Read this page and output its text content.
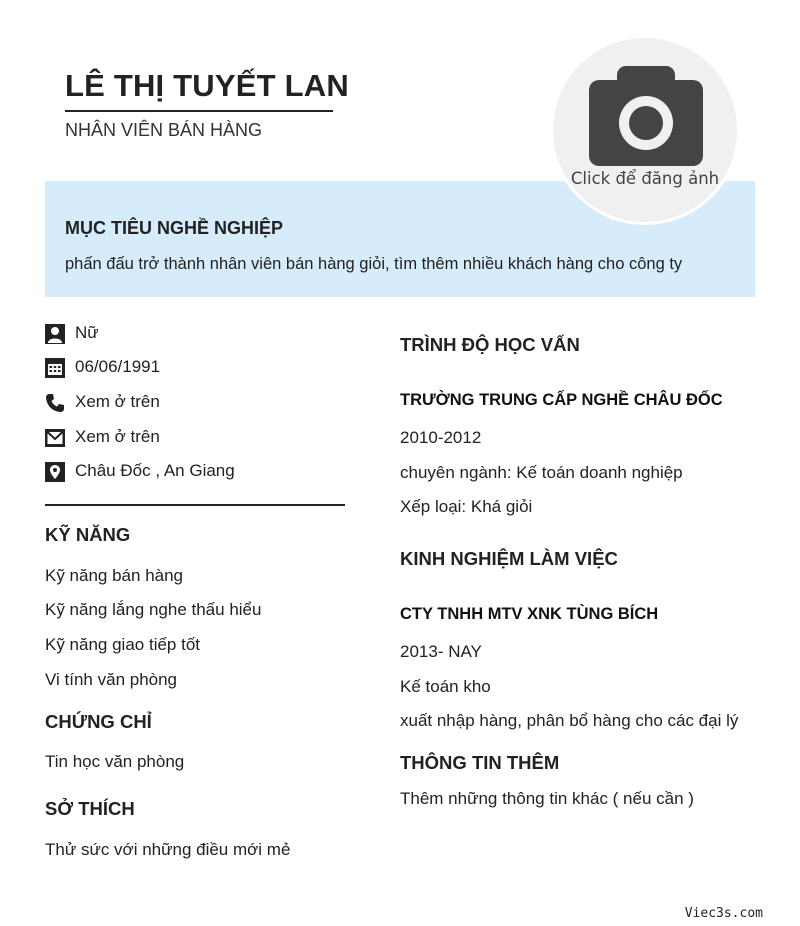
LÊ THỊ TUYẾT LAN
NHÂN VIÊN BÁN HÀNG
MỤC TIÊU NGHỀ NGHIỆP
phấn đấu trở thành nhân viên bán hàng giỏi, tìm thêm nhiều khách hàng cho công ty
Click để đăng ảnh
Nữ
06/06/1991
Xem ở trên
Xem ở trên
Châu Đốc , An Giang
KỸ NĂNG
Kỹ năng bán hàng
Kỹ năng lắng nghe thấu hiểu
Kỹ năng giao tiếp tốt
Vi tính văn phòng
CHỨNG CHỈ
Tin học văn phòng
SỞ THÍCH
Thử sức với những điều mới mẻ
TRÌNH ĐỘ HỌC VẤN
TRƯỜNG TRUNG CẤP NGHỀ CHÂU ĐỐC
2010-2012
chuyên ngành: Kế toán doanh nghiệp
Xếp loại: Khá giỏi
KINH NGHIỆM LÀM VIỆC
CTY TNHH MTV XNK TÙNG BÍCH
2013- NAY
Kế toán kho
xuất nhập hàng, phân bổ hàng cho các đại lý
THÔNG TIN THÊM
Thêm những thông tin khác ( nếu cần )
Viec3s.com
